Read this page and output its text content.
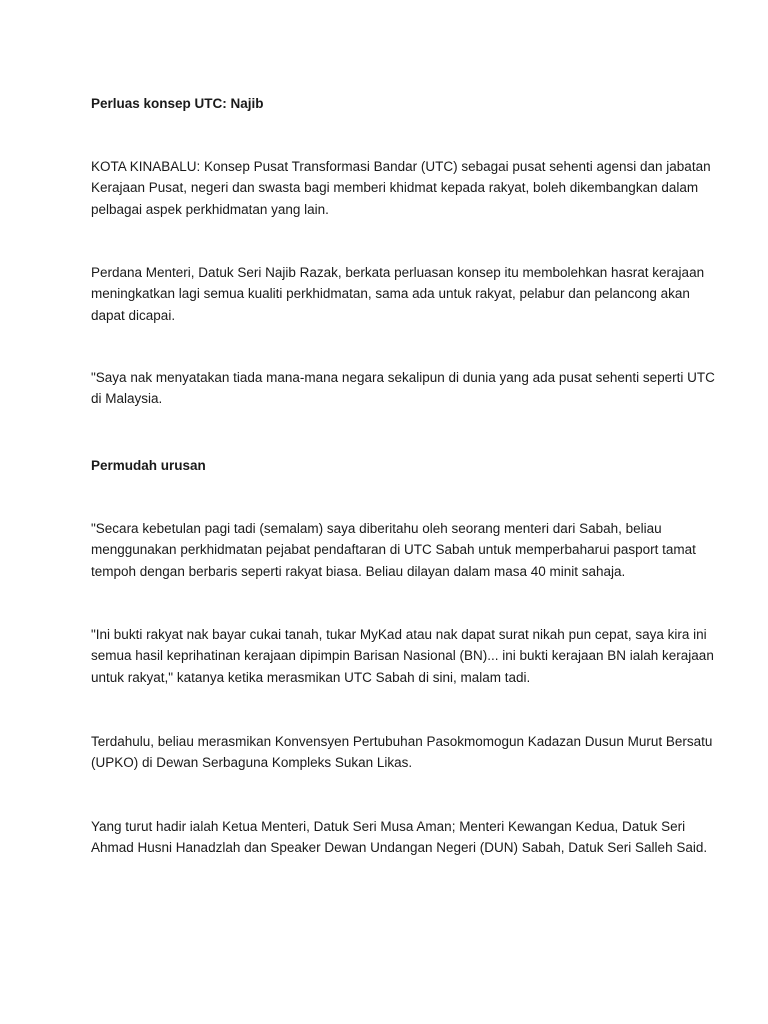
Perluas konsep UTC: Najib

KOTA KINABALU: Konsep Pusat Transformasi Bandar (UTC) sebagai pusat sehenti agensi dan jabatan
Kerajaan Pusat, negeri dan swasta bagi memberi khidmat kepada rakyat, boleh dikembangkan dalam
pelbagai aspek perkhidmatan yang lain.

Perdana Menteri, Datuk Seri Najib Razak, berkata perluasan konsep itu membolehkan hasrat kerajaan
meningkatkan lagi semua kualiti perkhidmatan, sama ada untuk rakyat, pelabur dan pelancong akan
dapat dicapai.

"Saya nak menyatakan tiada mana-mana negara sekalipun di dunia yang ada pusat sehenti seperti UTC
di Malaysia.

Permudah urusan

"Secara kebetulan pagi tadi (semalam) saya diberitahu oleh seorang menteri dari Sabah, beliau
menggunakan perkhidmatan pejabat pendaftaran di UTC Sabah untuk memperbaharui pasport tamat
tempoh dengan berbaris seperti rakyat biasa. Beliau dilayan dalam masa 40 minit sahaja.

"Ini bukti rakyat nak bayar cukai tanah, tukar MyKad atau nak dapat surat nikah pun cepat, saya kira ini
semua hasil keprihatinan kerajaan dipimpin Barisan Nasional (BN)... ini bukti kerajaan BN ialah kerajaan
untuk rakyat," katanya ketika merasmikan UTC Sabah di sini, malam tadi.

Terdahulu, beliau merasmikan Konvensyen Pertubuhan Pasokmomogun Kadazan Dusun Murut Bersatu
(UPKO) di Dewan Serbaguna Kompleks Sukan Likas.

Yang turut hadir ialah Ketua Menteri, Datuk Seri Musa Aman; Menteri Kewangan Kedua, Datuk Seri
Ahmad Husni Hanadzlah dan Speaker Dewan Undangan Negeri (DUN) Sabah, Datuk Seri Salleh Said.
